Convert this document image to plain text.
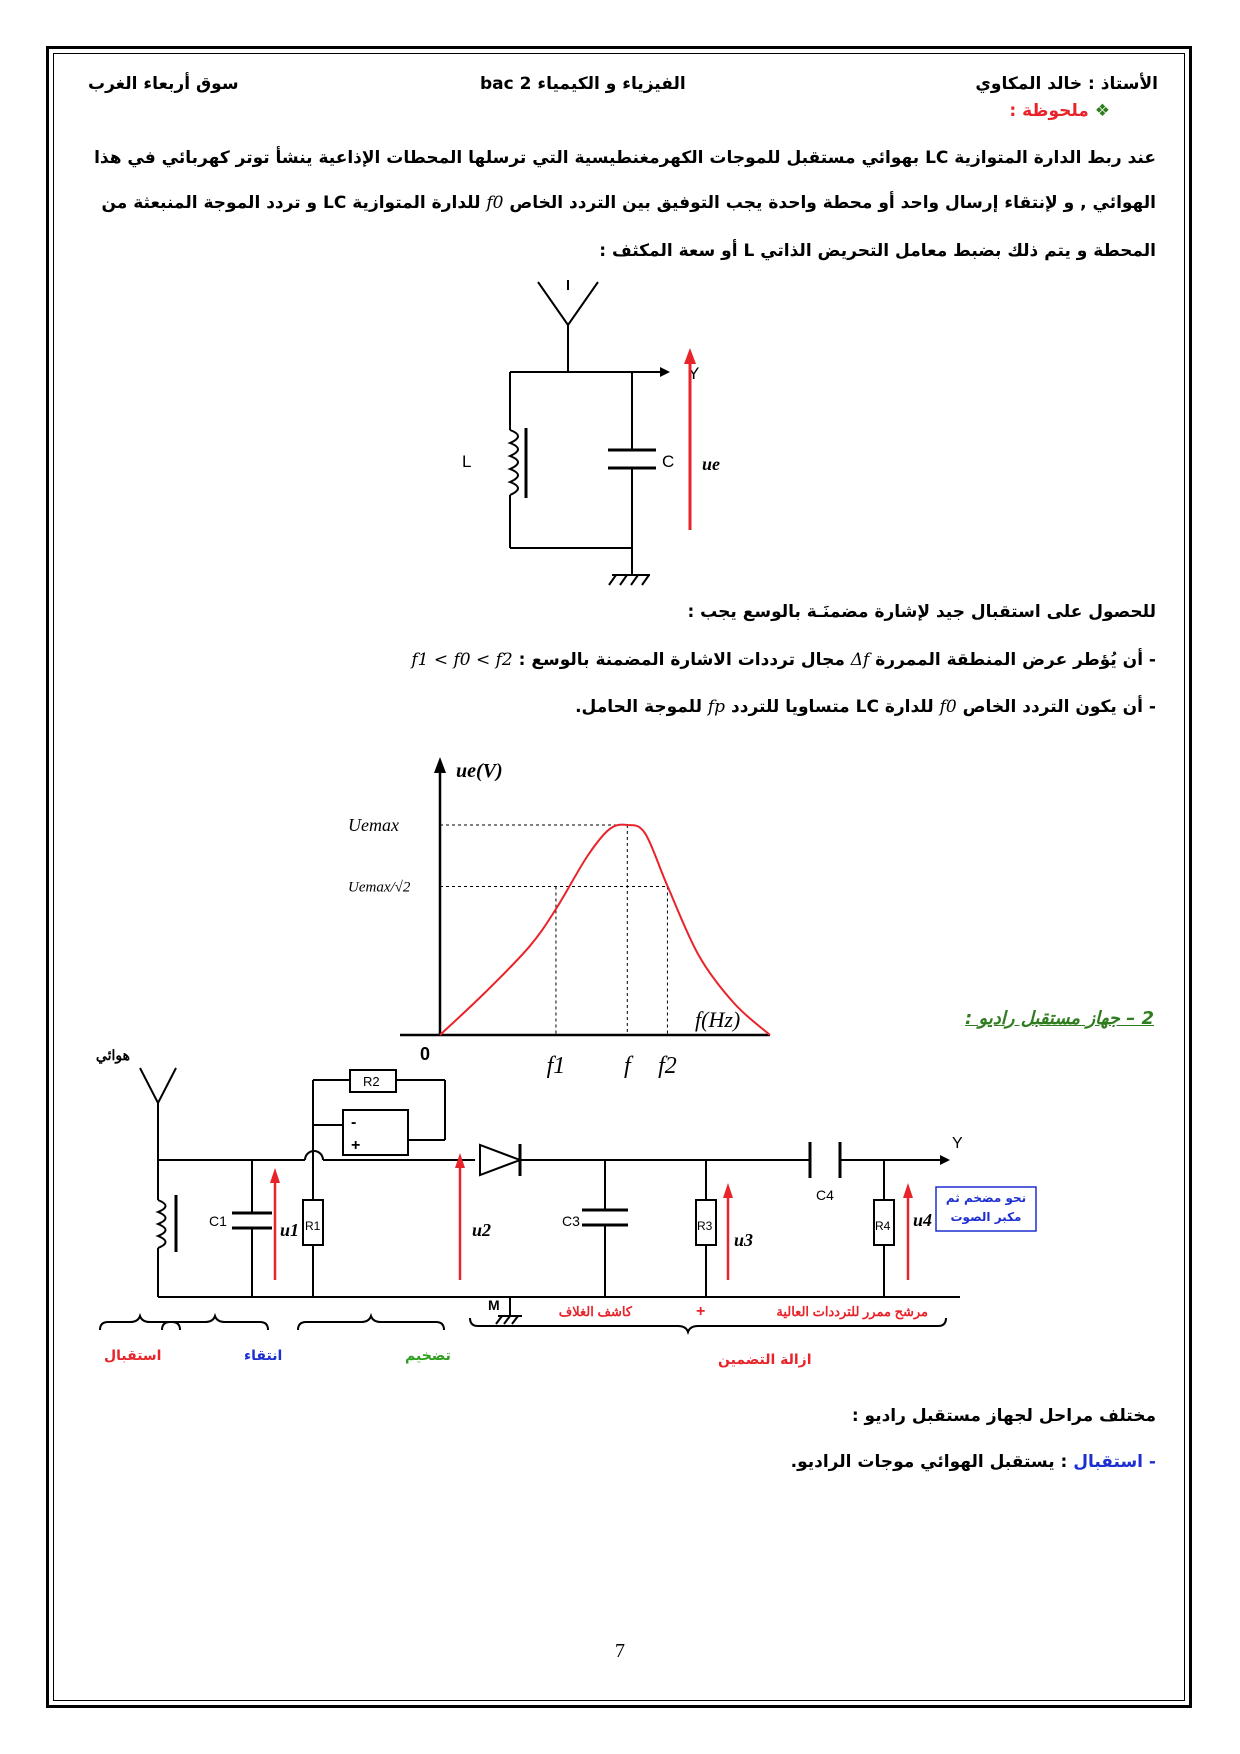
الأستاذ : خالد المكاوي
الفيزياء و الكيمياء 2 bac
سوق أربعاء الغرب
❖ ملحوظة :
عند ربط الدارة المتوازية LC بهوائي مستقبل للموجات الكهرمغنطيسية التي ترسلها المحطات الإذاعية ينشأ توتر كهربائي في هذا
الهوائي , و لإنتقاء إرسال واحد أو محطة واحدة يجب التوفيق بين التردد الخاص f0 للدارة المتوازية LC و تردد الموجة المنبعثة من
المحطة و يتم ذلك بضبط معامل التحريض الذاتي L أو سعة المكثف :
Y
L	C ue
للحصول على استقبال جيد لإشارة مضمنَـة بالوسع يجب :
- أن يُؤطر عرض المنطقة الممررة Δf مجال ترددات الاشارة المضمنة بالوسع : f1 < f0 < f2
- أن يكون التردد الخاص f0 للدارة LC متساويا للتردد fp للموجة الحامل.
ue(V)
f(Hz)
0
Uemax
Uemax/√2
f1 f f2
2 – جهاز مستقبل راديو :
هوائي
C1	R1
R2
-
+
C3	R3
C4
R4
Y
M
u1	u2	u3
u4
نحو مضخم ثم مكبر الصوت
كاشف الغلاف	+	مرشح ممرر للترددات العالية
استقبال	انتقاء	تضخيم	ازالة التضمين
مختلف مراحل لجهاز مستقبل راديو :
- استقبال : يستقبل الهوائي موجات الراديو.
7
